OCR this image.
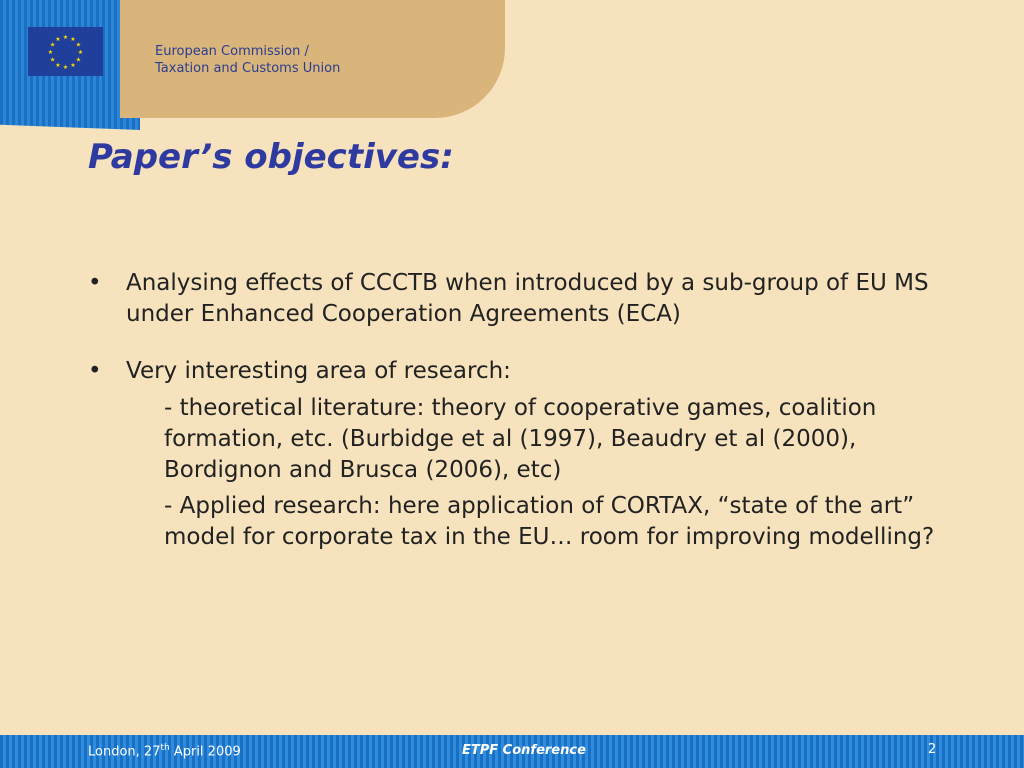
★ ★
★
★
★
★
★
★
★
★
★
★
European Commission /
Taxation and Customs Union
Paper’s objectives:
• Analysing effects of CCCTB when introduced by a sub-group of EU MS under Enhanced Cooperation Agreements (ECA)
• Very interesting area of research:
- theoretical literature: theory of cooperative games, coalition formation, etc. (Burbidge et al (1997), Beaudry et al (2000), Bordignon and Brusca (2006), etc)
- Applied research: here application of CORTAX, “state of the art” model for corporate tax in the EU… room for improving modelling?
London, 27th April 2009	ETPF Conference	2
